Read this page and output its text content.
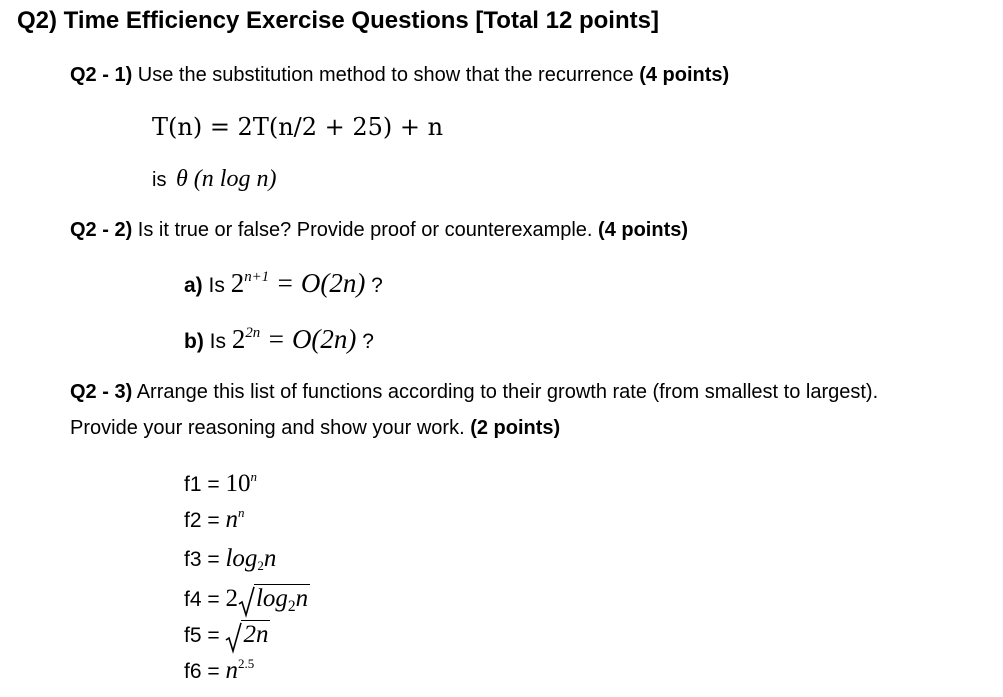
Q2) Time Efficiency Exercise Questions [Total 12 points]
Q2 - 1) Use the substitution method to show that the recurrence (4 points)
T(n) = 2T(n/2 + 25) + n
is θ (n log n)
Q2 - 2) Is it true or false? Provide proof or counterexample. (4 points)
a) Is $2^{n+1} = O(2n)$ ?
b) Is $2^{2n} = O(2n)$ ?
Q2 - 3) Arrange this list of functions according to their growth rate (from smallest to largest).
Provide your reasoning and show your work. (2 points)
$f1 = 10^n$
$f2 = n^n$
$f3 = \log_2n$
f4 = 2 $\log_2n$
f5 =
2n
$f6 = n^{2.5}$
